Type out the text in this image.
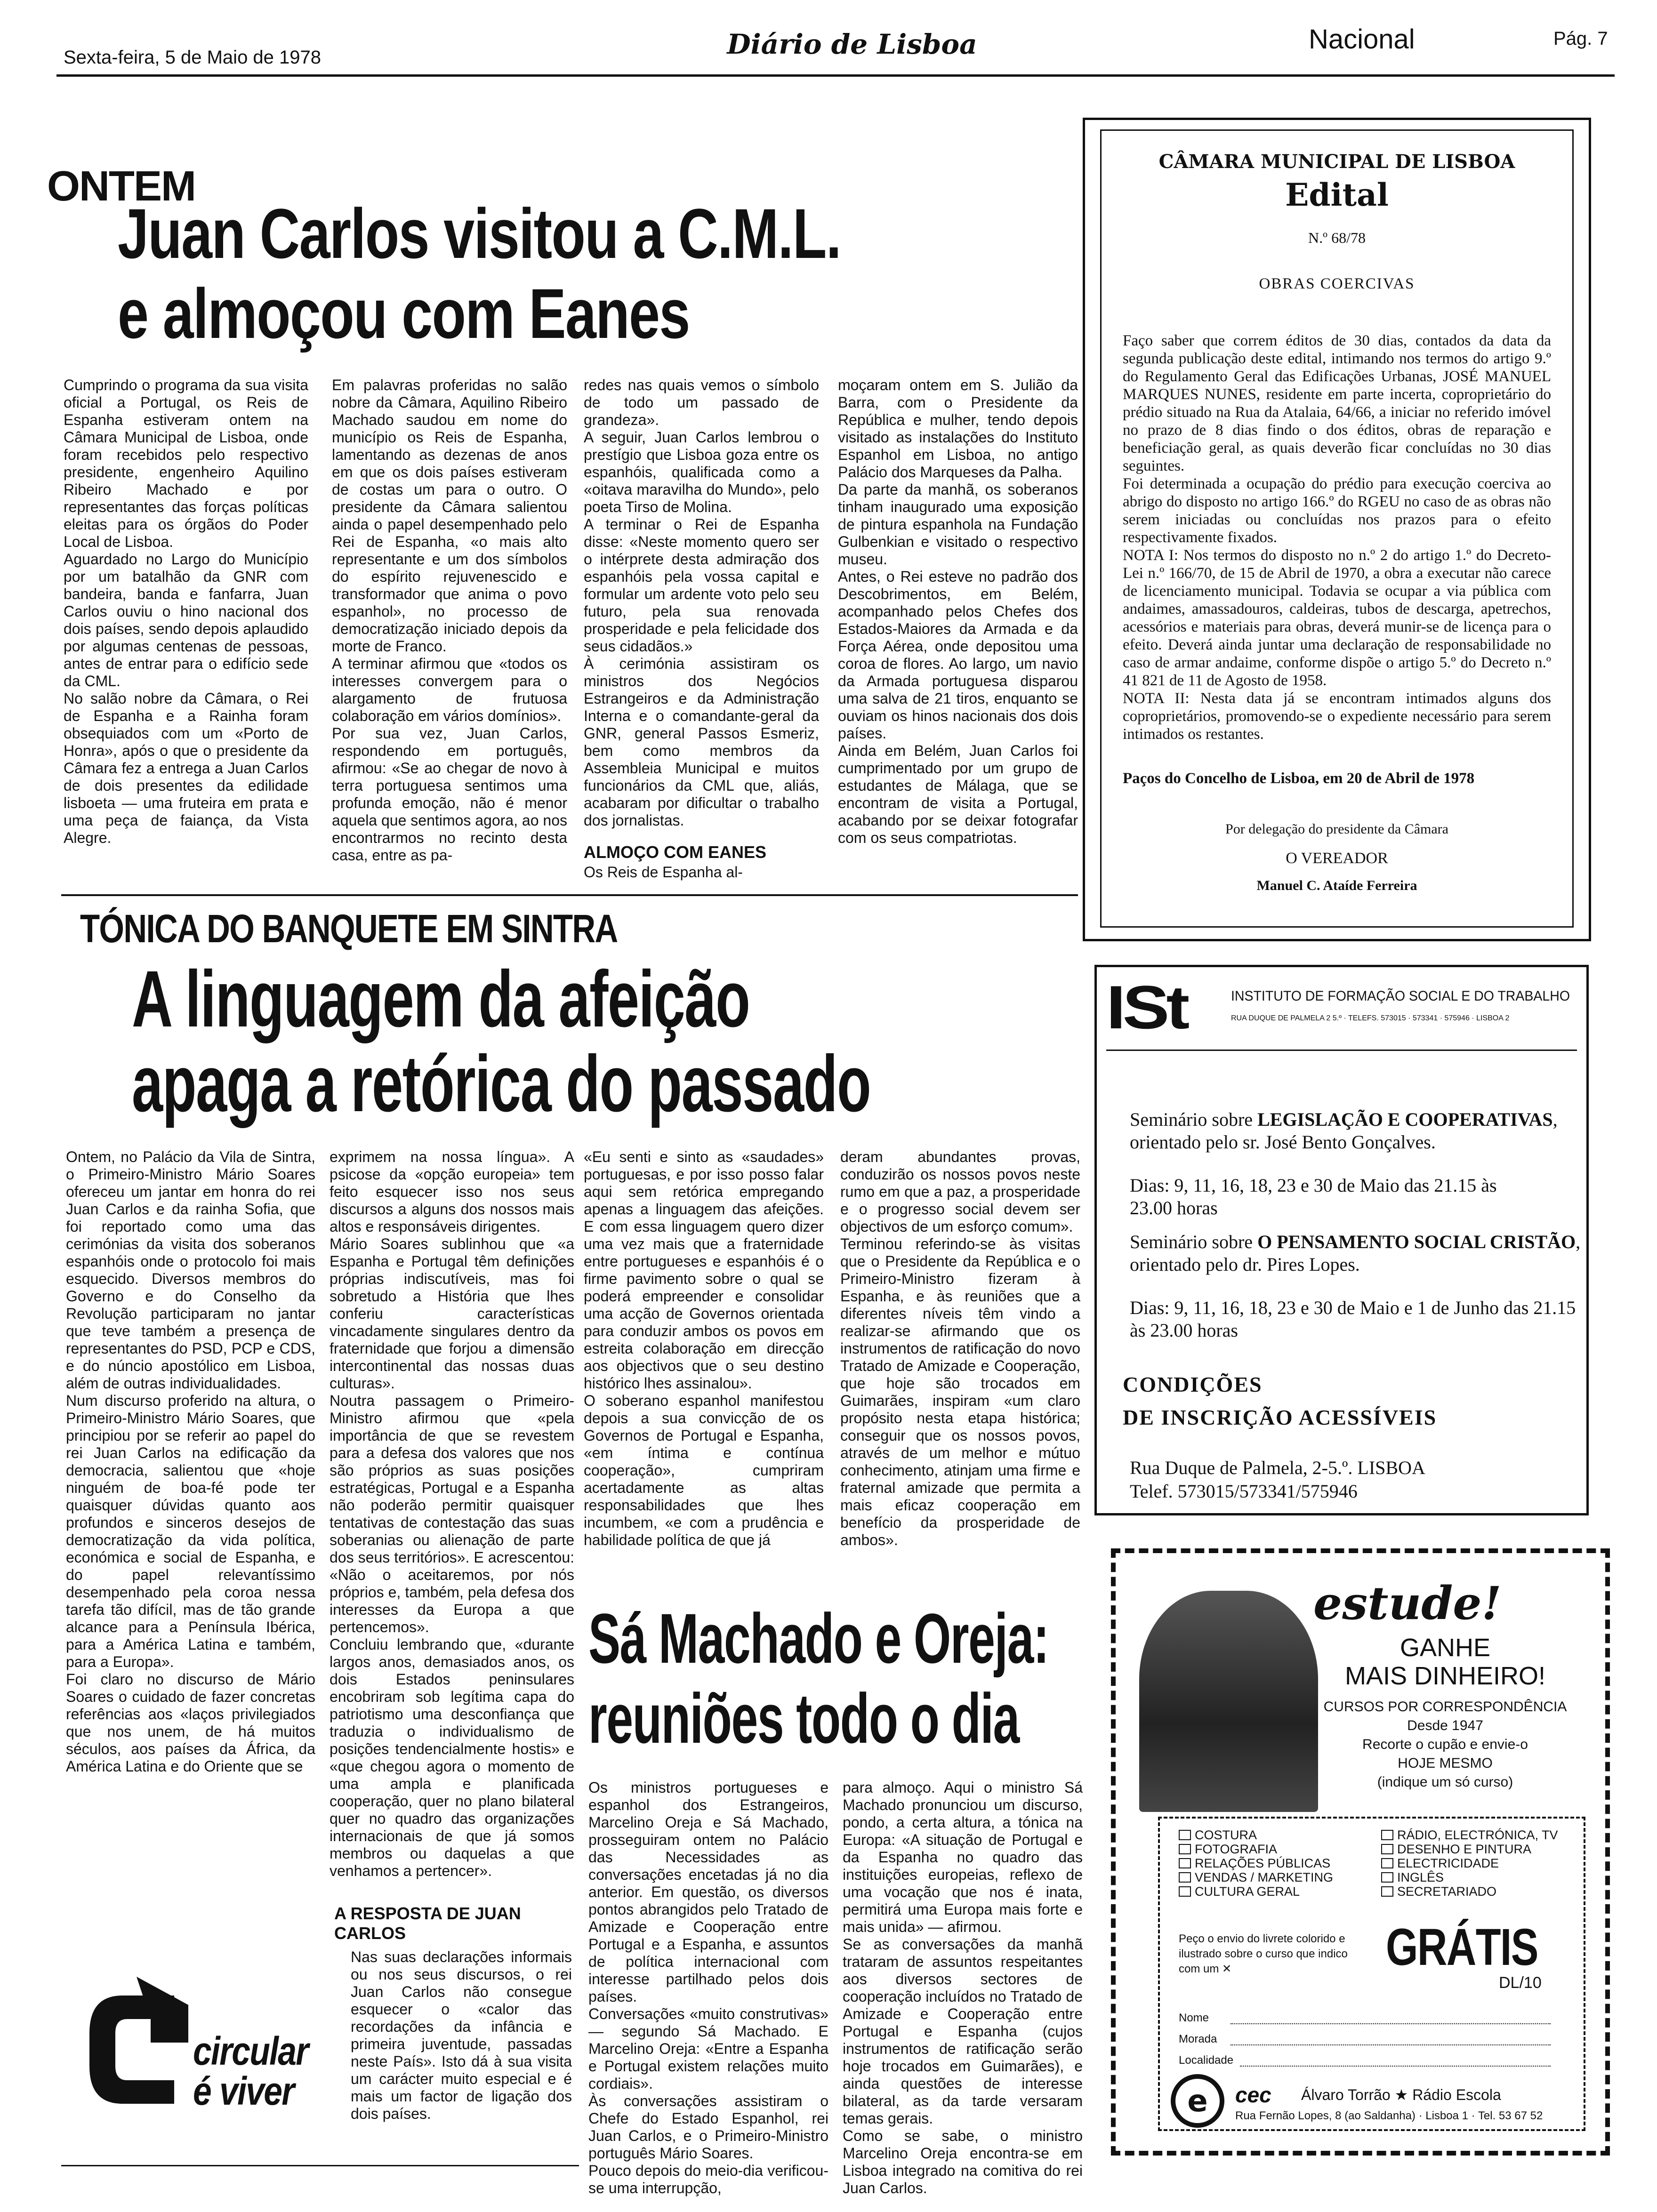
Sexta-feira, 5 de Maio de 1978	Diário de Lisboa	Nacional	Pág. 7
ONTEM
Juan Carlos visitou a C.M.L.
e almoçou com Eanes
Cumprindo o programa da sua visita oficial a Portugal, os Reis de Espanha estiveram ontem na Câmara Municipal de Lisboa, onde foram recebidos pelo respectivo presidente, engenheiro Aquilino Ribeiro Machado e por representantes das forças políticas eleitas para os órgãos do Poder Local de Lisboa.
Aguardado no Largo do Município por um batalhão da GNR com bandeira, banda e fanfarra, Juan Carlos ouviu o hino nacional dos dois países, sendo depois aplaudido por algumas centenas de pessoas, antes de entrar para o edifício sede da CML.
No salão nobre da Câmara, o Rei de Espanha e a Rainha foram obsequiados com um «Porto de Honra», após o que o presidente da Câmara fez a entrega a Juan Carlos de dois presentes da edilidade lisboeta — uma fruteira em prata e uma peça de faiança, da Vista Alegre.
Em palavras proferidas no salão nobre da Câmara, Aquilino Ribeiro Machado saudou em nome do município os Reis de Espanha, lamentando as dezenas de anos em que os dois países estiveram de costas um para o outro. O presidente da Câmara salientou ainda o papel desempenhado pelo Rei de Espanha, «o mais alto representante e um dos símbolos do espírito rejuvenescido e transformador que anima o povo espanhol», no processo de democratização iniciado depois da morte de Franco.
A terminar afirmou que «todos os interesses convergem para o alargamento de frutuosa colaboração em vários domínios».
Por sua vez, Juan Carlos, respondendo em português, afirmou: «Se ao chegar de novo à terra portuguesa sentimos uma profunda emoção, não é menor aquela que sentimos agora, ao nos encontrarmos no recinto desta casa, entre as pa-
redes nas quais vemos o símbolo de todo um passado de grandeza».
A seguir, Juan Carlos lembrou o prestígio que Lisboa goza entre os espanhóis, qualificada como a «oitava maravilha do Mundo», pelo poeta Tirso de Molina.
A terminar o Rei de Espanha disse: «Neste momento quero ser o intérprete desta admiração dos espanhóis pela vossa capital e formular um ardente voto pelo seu futuro, pela sua renovada prosperidade e pela felicidade dos seus cidadãos.»
À cerimónia assistiram os ministros dos Negócios Estrangeiros e da Administração Interna e o comandante-geral da GNR, general Passos Esmeriz, bem como membros da Assembleia Municipal e muitos funcionários da CML que, aliás, acabaram por dificultar o trabalho dos jornalistas.
ALMOÇO COM EANES
Os Reis de Espanha al-
moçaram ontem em S. Julião da Barra, com o Presidente da República e mulher, tendo depois visitado as instalações do Instituto Espanhol em Lisboa, no antigo Palácio dos Marqueses da Palha.
Da parte da manhã, os soberanos tinham inaugurado uma exposição de pintura espanhola na Fundação Gulbenkian e visitado o respectivo museu.
Antes, o Rei esteve no padrão dos Descobrimentos, em Belém, acompanhado pelos Chefes dos Estados-Maiores da Armada e da Força Aérea, onde depositou uma coroa de flores. Ao largo, um navio da Armada portuguesa disparou uma salva de 21 tiros, enquanto se ouviam os hinos nacionais dos dois países.
Ainda em Belém, Juan Carlos foi cumprimentado por um grupo de estudantes de Málaga, que se encontram de visita a Portugal, acabando por se deixar fotografar com os seus compatriotas.
TÓNICA DO BANQUETE EM SINTRA
A linguagem da afeição
apaga a retórica do passado
Ontem, no Palácio da Vila de Sintra, o Primeiro-Ministro Mário Soares ofereceu um jantar em honra do rei Juan Carlos e da rainha Sofia, que foi reportado como uma das cerimónias da visita dos soberanos espanhóis onde o protocolo foi mais esquecido. Diversos membros do Governo e do Conselho da Revolução participaram no jantar que teve também a presença de representantes do PSD, PCP e CDS, e do núncio apostólico em Lisboa, além de outras individualidades.
Num discurso proferido na altura, o Primeiro-Ministro Mário Soares, que principiou por se referir ao papel do rei Juan Carlos na edificação da democracia, salientou que «hoje ninguém de boa-fé pode ter quaisquer dúvidas quanto aos profundos e sinceros desejos de democratização da vida política, económica e social de Espanha, e do papel relevantíssimo desempenhado pela coroa nessa tarefa tão difícil, mas de tão grande alcance para a Península Ibérica, para a América Latina e também, para a Europa».
Foi claro no discurso de Mário Soares o cuidado de fazer concretas referências aos «laços privilegiados que nos unem, de há muitos séculos, aos países da África, da América Latina e do Oriente que se
exprimem na nossa língua». A psicose da «opção europeia» tem feito esquecer isso nos seus discursos a alguns dos nossos mais altos e responsáveis dirigentes.
Mário Soares sublinhou que «a Espanha e Portugal têm definições próprias indiscutíveis, mas foi sobretudo a História que lhes conferiu características vincadamente singulares dentro da fraternidade que forjou a dimensão intercontinental das nossas duas culturas».
Noutra passagem o Primeiro-Ministro afirmou que «pela importância de que se revestem para a defesa dos valores que nos são próprios as suas posições estratégicas, Portugal e a Espanha não poderão permitir quaisquer tentativas de contestação das suas soberanias ou alienação de parte dos seus territórios». E acrescentou: «Não o aceitaremos, por nós próprios e, também, pela defesa dos interesses da Europa a que pertencemos».
Concluiu lembrando que, «durante largos anos, demasiados anos, os dois Estados peninsulares encobriram sob legítima capa do patriotismo uma desconfiança que traduzia o individualismo de posições tendencialmente hostis» e «que chegou agora o momento de uma ampla e planificada cooperação, quer no plano bilateral quer no quadro das organizações internacionais de que já somos membros ou daquelas a que venhamos a pertencer».
A RESPOSTA DE JUAN CARLOS
Nas suas declarações informais ou nos seus discursos, o rei Juan Carlos não consegue esquecer o «calor das recordações da infância e primeira juventude, passadas neste País». Isto dá à sua visita um carácter muito especial e é mais um factor de ligação dos dois países.
«Eu senti e sinto as «saudades» portuguesas, e por isso posso falar aqui sem retórica empregando apenas a linguagem das afeições. E com essa linguagem quero dizer uma vez mais que a fraternidade entre portugueses e espanhóis é o firme pavimento sobre o qual se poderá empreender e consolidar uma acção de Governos orientada para conduzir ambos os povos em estreita colaboração em direcção aos objectivos que o seu destino histórico lhes assinalou».
O soberano espanhol manifestou depois a sua convicção de os Governos de Portugal e Espanha, «em íntima e contínua cooperação», cumpriram acertadamente as altas responsabilidades que lhes incumbem, «e com a prudência e habilidade política de que já
deram abundantes provas, conduzirão os nossos povos neste rumo em que a paz, a prosperidade e o progresso social devem ser objectivos de um esforço comum».
Terminou referindo-se às visitas que o Presidente da República e o Primeiro-Ministro fizeram à Espanha, e às reuniões que a diferentes níveis têm vindo a realizar-se afirmando que os instrumentos de ratificação do novo Tratado de Amizade e Cooperação, que hoje são trocados em Guimarães, inspiram «um claro propósito nesta etapa histórica; conseguir que os nossos povos, através de um melhor e mútuo conhecimento, atinjam uma firme e fraternal amizade que permita a mais eficaz cooperação em benefício da prosperidade de ambos».
Sá Machado e Oreja:
reuniões todo o dia
Os ministros portugueses e espanhol dos Estrangeiros, Marcelino Oreja e Sá Machado, prosseguiram ontem no Palácio das Necessidades as conversações encetadas já no dia anterior. Em questão, os diversos pontos abrangidos pelo Tratado de Amizade e Cooperação entre Portugal e a Espanha, e assuntos de política internacional com interesse partilhado pelos dois países.
Conversações «muito construtivas» — segundo Sá Machado. E Marcelino Oreja: «Entre a Espanha e Portugal existem relações muito cordiais».
Às conversações assistiram o Chefe do Estado Espanhol, rei Juan Carlos, e o Primeiro-Ministro português Mário Soares.
Pouco depois do meio-dia verificou-se uma interrupção,
para almoço. Aqui o ministro Sá Machado pronunciou um discurso, pondo, a certa altura, a tónica na Europa: «A situação de Portugal e da Espanha no quadro das instituições europeias, reflexo de uma vocação que nos é inata, permitirá uma Europa mais forte e mais unida» — afirmou.
Se as conversações da manhã trataram de assuntos respeitantes aos diversos sectores de cooperação incluídos no Tratado de Amizade e Cooperação entre Portugal e Espanha (cujos instrumentos de ratificação serão hoje trocados em Guimarães), e ainda questões de interesse bilateral, as da tarde versaram temas gerais.
Como se sabe, o ministro Marcelino Oreja encontra-se em Lisboa integrado na comitiva do rei Juan Carlos.
circular
é viver
CÂMARA MUNICIPAL DE LISBOA
Edital
N.º 68/78
OBRAS COERCIVAS
Faço saber que correm éditos de 30 dias, contados da data da segunda publicação deste edital, intimando nos termos do artigo 9.º do Regulamento Geral das Edificações Urbanas, JOSÉ MANUEL MARQUES NUNES, residente em parte incerta, coproprietário do prédio situado na Rua da Atalaia, 64/66, a iniciar no referido imóvel no prazo de 8 dias findo o dos éditos, obras de reparação e beneficiação geral, as quais deverão ficar concluídas no 30 dias seguintes.
Foi determinada a ocupação do prédio para execução coerciva ao abrigo do disposto no artigo 166.º do RGEU no caso de as obras não serem iniciadas ou concluídas nos prazos para o efeito respectivamente fixados.
NOTA I: Nos termos do disposto no n.º 2 do artigo 1.º do Decreto-Lei n.º 166/70, de 15 de Abril de 1970, a obra a executar não carece de licenciamento municipal. Todavia se ocupar a via pública com andaimes, amassadouros, caldeiras, tubos de descarga, apetrechos, acessórios e materiais para obras, deverá munir-se de licença para o efeito. Deverá ainda juntar uma declaração de responsabilidade no caso de armar andaime, conforme dispõe o artigo 5.º do Decreto n.º 41 821 de 11 de Agosto de 1958.
NOTA II: Nesta data já se encontram intimados alguns dos coproprietários, promovendo-se o expediente necessário para serem intimados os restantes.
Paços do Concelho de Lisboa, em 20 de Abril de 1978
Por delegação do presidente da Câmara
O VEREADOR
Manuel C. Ataíde Ferreira
ISt	INSTITUTO DE FORMAÇÃO SOCIAL E DO TRABALHO
RUA DUQUE DE PALMELA 2 5.º · TELEFS. 573015 · 573341 · 575946 · LISBOA 2
Seminário sobre LEGISLAÇÃO E COOPERATIVAS, orientado pelo sr. José Bento Gonçalves.
Dias: 9, 11, 16, 18, 23 e 30 de Maio das 21.15 às 23.00 horas
Seminário sobre O PENSAMENTO SOCIAL CRISTÃO, orientado pelo dr. Pires Lopes.
Dias: 9, 11, 16, 18, 23 e 30 de Maio e 1 de Junho das 21.15 às 23.00 horas
CONDIÇÕES
DE INSCRIÇÃO ACESSÍVEIS
Rua Duque de Palmela, 2-5.º. LISBOA
Telef. 573015/573341/575946
estude!
GANHE
MAIS DINHEIRO!
CURSOS POR CORRESPONDÊNCIA
Desde 1947
Recorte o cupão e envie-o
HOJE MESMO
(indique um só curso)
COSTURA
FOTOGRAFIA
RELAÇÕES PÚBLICAS
VENDAS / MARKETING
CULTURA GERAL
RÁDIO, ELECTRÓNICA, TV
DESENHO E PINTURA
ELECTRICIDADE
INGLÊS
SECRETARIADO
Peço o envio do livrete colorido e ilustrado sobre o curso que indico com um ✕	GRÁTIS
DL/10
Nome
Morada
Localidade
e cec Álvaro Torrão ★ Rádio Escola
Rua Fernão Lopes, 8 (ao Saldanha) · Lisboa 1 · Tel. 53 67 52
